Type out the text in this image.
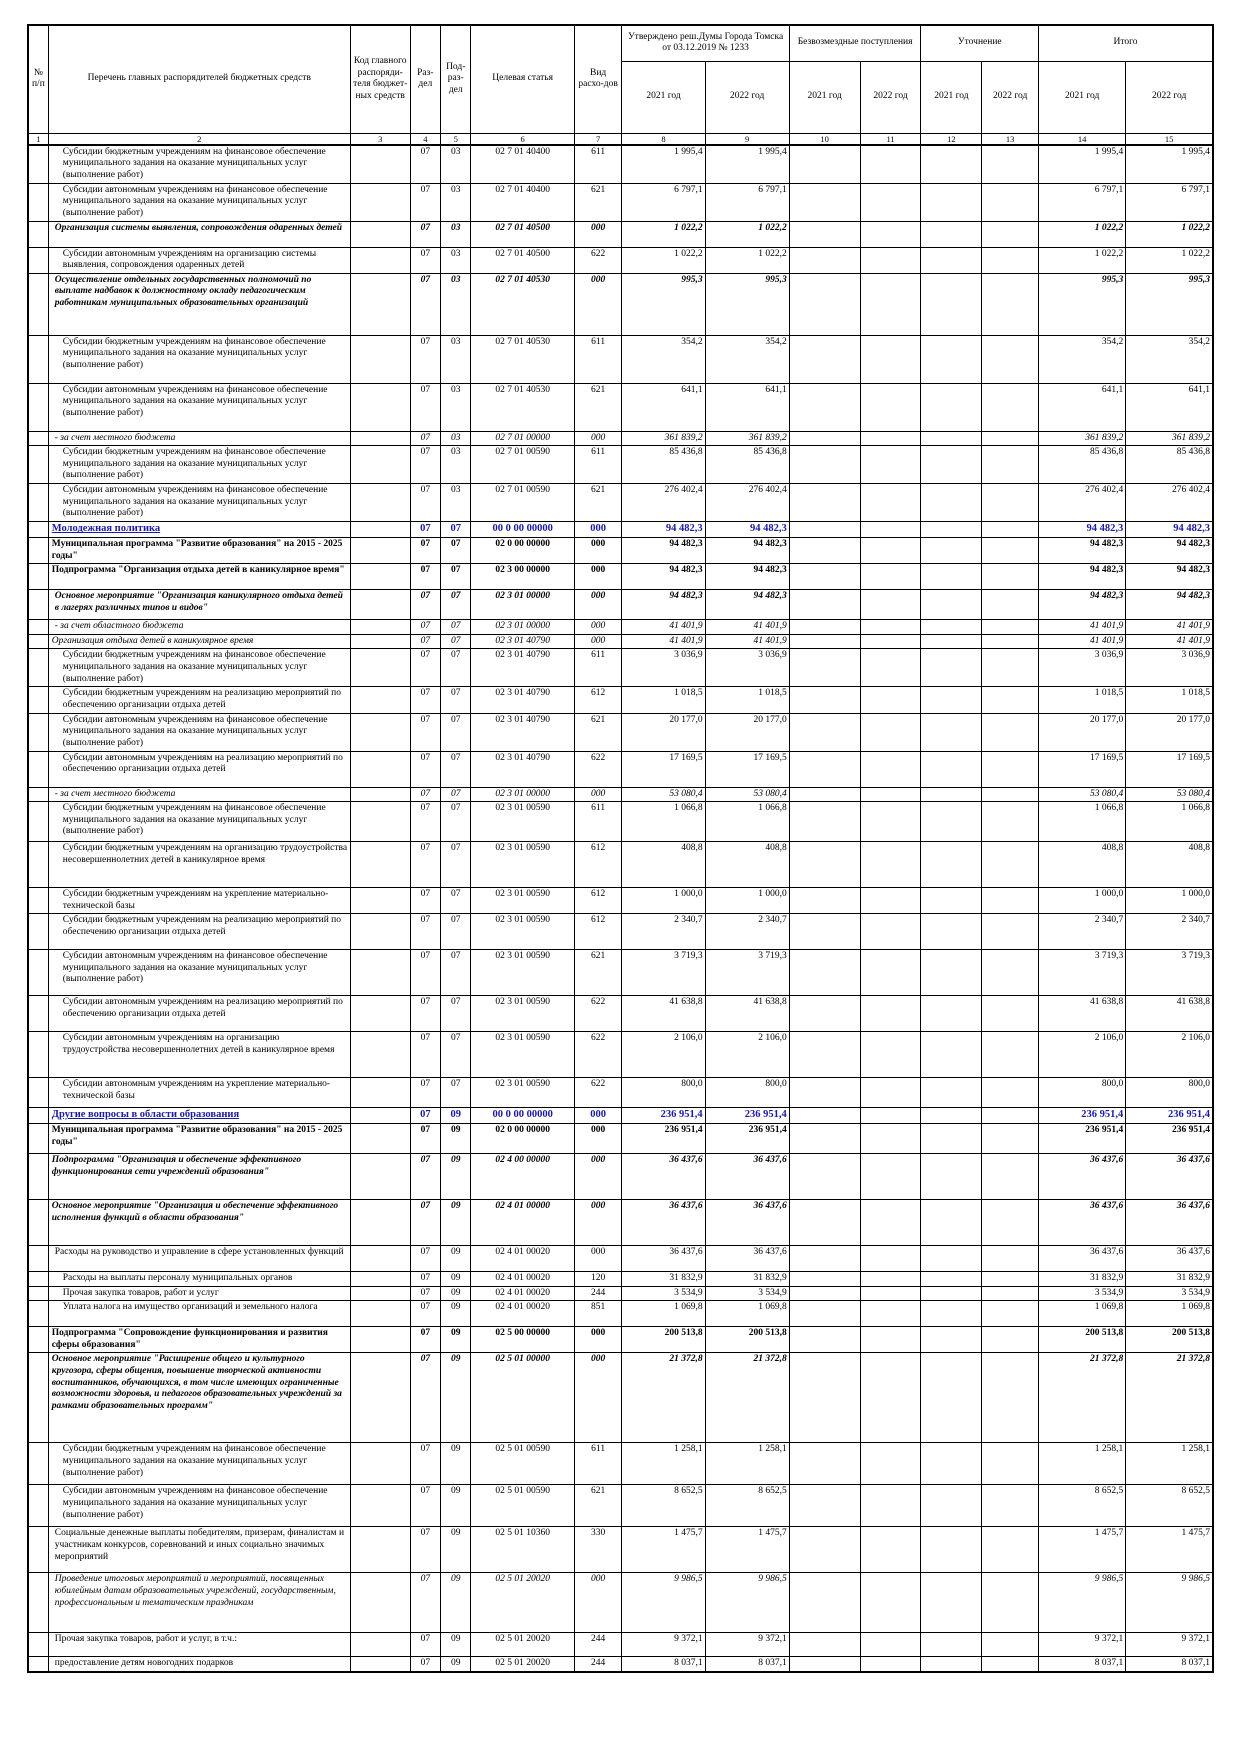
№ п/п	Перечень главных распорядителей бюджетных средств	Код главного распоряди-теля бюджет-ных средств	Раз-дел	Под-раз-дел	Целевая статья	Вид расхо-дов	Утверждено реш.Думы Города Томска от 03.12.2019 № 1233		Безвозмездные поступления		Уточнение		Итого	
							2021 год	2022 год	2021 год	2022 год	2021 год	2022 год	2021 год	2022 год
1	2	3	4	5	6	7	8	9	10	11	12	13	14	15
	Субсидии бюджетным учреждениям на финансовое обеспечение муниципального задания на оказание муниципальных услуг (выполнение работ)		07	03	02 7 01 40400	611	1 995,4	1 995,4					1 995,4	1 995,4
	Субсидии автономным учреждениям на финансовое обеспечение муниципального задания на оказание муниципальных услуг (выполнение работ)		07	03	02 7 01 40400	621	6 797,1	6 797,1					6 797,1	6 797,1
	Организация системы выявления, сопровождения одаренных детей		07	03	02 7 01 40500	000	1 022,2	1 022,2					1 022,2	1 022,2
	Субсидии автономным учреждениям на организацию системы выявления, сопровождения одаренных детей		07	03	02 7 01 40500	622	1 022,2	1 022,2					1 022,2	1 022,2
	Осуществление отдельных государственных полномочий по выплате надбавок к должностному окладу педагогическим работникам муниципальных образовательных организаций		07	03	02 7 01 40530	000	995,3	995,3					995,3	995,3
	Субсидии бюджетным учреждениям на финансовое обеспечение муниципального задания на оказание муниципальных услуг (выполнение работ)		07	03	02 7 01 40530	611	354,2	354,2					354,2	354,2
	Субсидии автономным учреждениям на финансовое обеспечение муниципального задания на оказание муниципальных услуг (выполнение работ)		07	03	02 7 01 40530	621	641,1	641,1					641,1	641,1
	- за счет местного бюджета		07	03	02 7 01 00000	000	361 839,2	361 839,2					361 839,2	361 839,2
	Субсидии бюджетным учреждениям на финансовое обеспечение муниципального задания на оказание муниципальных услуг (выполнение работ)		07	03	02 7 01 00590	611	85 436,8	85 436,8					85 436,8	85 436,8
	Субсидии автономным учреждениям на финансовое обеспечение муниципального задания на оказание муниципальных услуг (выполнение работ)		07	03	02 7 01 00590	621	276 402,4	276 402,4					276 402,4	276 402,4
	Молодежная политика		07	07	00 0 00 00000	000	94 482,3	94 482,3					94 482,3	94 482,3
	Муниципальная программа "Развитие образования" на 2015 - 2025 годы"		07	07	02 0 00 00000	000	94 482,3	94 482,3					94 482,3	94 482,3
	Подпрограмма "Организация отдыха детей в каникулярное время"		07	07	02 3 00 00000	000	94 482,3	94 482,3					94 482,3	94 482,3
	Основное мероприятие "Организация каникулярного отдыха детей в лагерях различных типов и видов"		07	07	02 3 01 00000	000	94 482,3	94 482,3					94 482,3	94 482,3
	- за счет областного бюджета		07	07	02 3 01 00000	000	41 401,9	41 401,9					41 401,9	41 401,9
	Организация отдыха детей в каникулярное время		07	07	02 3 01 40790	000	41 401,9	41 401,9					41 401,9	41 401,9
	Субсидии бюджетным учреждениям на финансовое обеспечение муниципального задания на оказание муниципальных услуг (выполнение работ)		07	07	02 3 01 40790	611	3 036,9	3 036,9					3 036,9	3 036,9
	Субсидии бюджетным учреждениям на реализацию мероприятий по обеспечению организации отдыха детей		07	07	02 3 01 40790	612	1 018,5	1 018,5					1 018,5	1 018,5
	Субсидии автономным учреждениям на финансовое обеспечение муниципального задания на оказание муниципальных услуг (выполнение работ)		07	07	02 3 01 40790	621	20 177,0	20 177,0					20 177,0	20 177,0
	Субсидии автономным учреждениям на реализацию мероприятий по обеспечению организации отдыха детей		07	07	02 3 01 40790	622	17 169,5	17 169,5					17 169,5	17 169,5
	- за счет местного бюджета		07	07	02 3 01 00000	000	53 080,4	53 080,4					53 080,4	53 080,4
	Субсидии бюджетным учреждениям на финансовое обеспечение муниципального задания на оказание муниципальных услуг (выполнение работ)		07	07	02 3 01 00590	611	1 066,8	1 066,8					1 066,8	1 066,8
	Субсидии бюджетным учреждениям на организацию трудоустройства несовершеннолетних детей в каникулярное время		07	07	02 3 01 00590	612	408,8	408,8					408,8	408,8
	Субсидии бюджетным учреждениям на укрепление материально-технической базы		07	07	02 3 01 00590	612	1 000,0	1 000,0					1 000,0	1 000,0
	Субсидии бюджетным учреждениям на реализацию мероприятий по обеспечению организации отдыха детей		07	07	02 3 01 00590	612	2 340,7	2 340,7					2 340,7	2 340,7
	Субсидии автономным учреждениям на финансовое обеспечение муниципального задания на оказание муниципальных услуг (выполнение работ)		07	07	02 3 01 00590	621	3 719,3	3 719,3					3 719,3	3 719,3
	Субсидии автономным учреждениям на реализацию мероприятий по обеспечению организации отдыха детей		07	07	02 3 01 00590	622	41 638,8	41 638,8					41 638,8	41 638,8
	Субсидии автономным учреждениям на организацию трудоустройства несовершеннолетних детей в каникулярное время		07	07	02 3 01 00590	622	2 106,0	2 106,0					2 106,0	2 106,0
	Субсидии автономным учреждениям на укрепление материально-технической базы		07	07	02 3 01 00590	622	800,0	800,0					800,0	800,0
	Другие вопросы в области образования		07	09	00 0 00 00000	000	236 951,4	236 951,4					236 951,4	236 951,4
	Муниципальная программа "Развитие образования" на 2015 - 2025 годы"		07	09	02 0 00 00000	000	236 951,4	236 951,4					236 951,4	236 951,4
	Подпрограмма "Организация и обеспечение эффективного функционирования сети учреждений образования"		07	09	02 4 00 00000	000	36 437,6	36 437,6					36 437,6	36 437,6
	Основное мероприятие "Организация и обеспечение эффективного исполнения функций в области образования"		07	09	02 4 01 00000	000	36 437,6	36 437,6					36 437,6	36 437,6
	Расходы на руководство и управление в сфере установленных функций		07	09	02 4 01 00020	000	36 437,6	36 437,6					36 437,6	36 437,6
	Расходы на выплаты персоналу муниципальных органов		07	09	02 4 01 00020	120	31 832,9	31 832,9					31 832,9	31 832,9
	Прочая закупка товаров, работ и услуг		07	09	02 4 01 00020	244	3 534,9	3 534,9					3 534,9	3 534,9
	Уплата налога на имущество организаций и земельного налога		07	09	02 4 01 00020	851	1 069,8	1 069,8					1 069,8	1 069,8
	Подпрограмма "Сопровождение функционирования и развития сферы образования"		07	09	02 5 00 00000	000	200 513,8	200 513,8					200 513,8	200 513,8
	Основное мероприятие "Расширение общего и культурного кругозора, сферы общения, повышение творческой активности воспитанников, обучающихся, в том числе имеющих ограниченные возможности здоровья, и педагогов образовательных учреждений за рамками образовательных программ"		07	09	02 5 01 00000	000	21 372,8	21 372,8					21 372,8	21 372,8
	Субсидии бюджетным учреждениям на финансовое обеспечение муниципального задания на оказание муниципальных услуг (выполнение работ)		07	09	02 5 01 00590	611	1 258,1	1 258,1					1 258,1	1 258,1
	Субсидии автономным учреждениям на финансовое обеспечение муниципального задания на оказание муниципальных услуг (выполнение работ)		07	09	02 5 01 00590	621	8 652,5	8 652,5					8 652,5	8 652,5
	Социальные денежные выплаты победителям, призерам, финалистам и участникам конкурсов, соревнований и иных социально значимых мероприятий		07	09	02 5 01 10360	330	1 475,7	1 475,7					1 475,7	1 475,7
	Проведение итоговых мероприятий и мероприятий, посвященных юбилейным датам образовательных учреждений, государственным, профессиональным и тематическим праздникам		07	09	02 5 01 20020	000	9 986,5	9 986,5					9 986,5	9 986,5
	Прочая закупка товаров, работ и услуг, в т.ч.:		07	09	02 5 01 20020	244	9 372,1	9 372,1					9 372,1	9 372,1
	предоставление детям новогодних подарков		07	09	02 5 01 20020	244	8 037,1	8 037,1					8 037,1	8 037,1
